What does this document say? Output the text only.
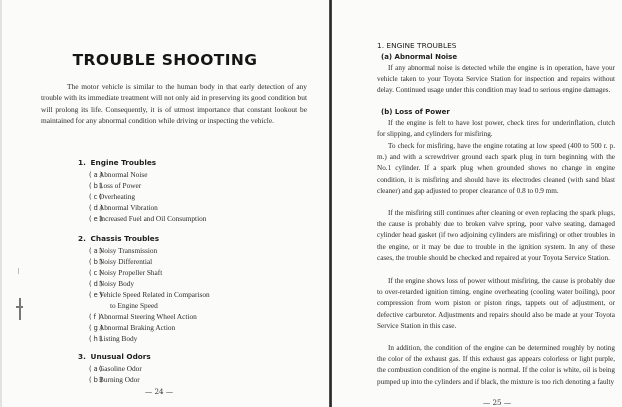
TROUBLE SHOOTING
The motor vehicle is similar to the human body in that early detection of any trouble with its immediate treatment will not only aid in preserving its good condition but will prolong its life. Consequently, it is of utmost importance that constant lookout be maintained for any abnormal condition while driving or inspecting the vehicle.
1. Engine Troubles
( a )Abnormal Noise
( b )Loss of Power
( c )Overheating
( d )Abnormal Vibration
( e )Increased Fuel and Oil Consumption
2. Chassis Troubles
( a )Noisy Transmission
( b )Noisy Differential
( c )Noisy Propeller Shaft
( d )Noisy Body
( e )Vehicle Speed Related in Comparison
to Engine Speed
( f )Abnormal Steering Wheel Action
( g )Abnormal Braking Action
( h )Listing Body
3. Unusual Odors
( a )Gasoline Odor
( b )Burning Odor
— 24 —
1. ENGINE TROUBLES
(a) Abnormal Noise
If any abnormal noise is detected while the engine is in operation, have your vehicle taken to your Toyota Service Station for inspection and repairs without delay. Continued usage under this condition may lead to serious engine damages.
(b) Loss of Power
If the engine is felt to have lost power, check tires for underinflation, clutch for slipping, and cylinders for misfiring.
To check for misfiring, have the engine rotating at low speed (400 to 500 r. p. m.) and with a screwdriver ground each spark plug in turn beginning with the No.1 cylinder. If a spark plug when grounded shows no change in engine condition, it is misfiring and should have its electrodes cleaned (with sand blast cleaner) and gap adjusted to proper clearance of 0.8 to 0.9 mm.
If the misfiring still continues after cleaning or even replacing the spark plugs, the cause is probably due to broken valve spring, poor valve seating, damaged cylinder head gasket (if two adjoining cylinders are misfiring) or other troubles in the engine, or it may be due to trouble in the ignition system. In any of these cases, the trouble should be checked and repaired at your Toyota Service Station.
If the engine shows loss of power without misfiring, the cause is probably due to over-retarded ignition timing, engine overheating (cooling water boiling), poor compression from worn piston or piston rings, tappets out of adjustment, or defective carburetor. Adjustments and repairs should also be made at your Toyota Service Station in this case.
In addition, the condition of the engine can be determined roughly by noting the color of the exhaust gas. If this exhaust gas appears colorless or light purple, the combustion condition of the engine is normal. If the color is white, oil is being pumped up into the cylinders and if black, the mixture is too rich denoting a faulty
— 25 —
